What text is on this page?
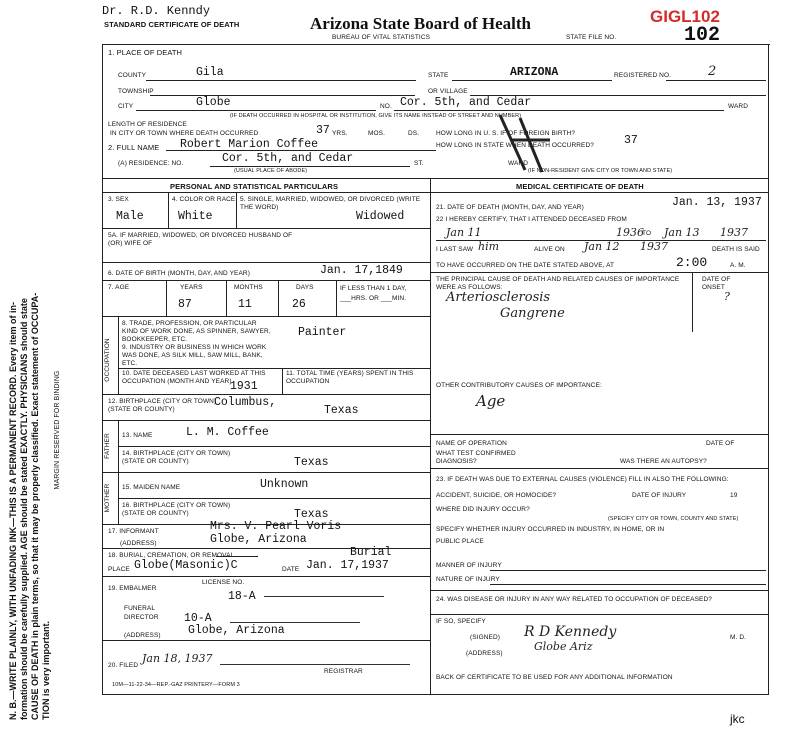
N. B.—WRITE PLAINLY, WITH UNFADING INK—THIS IS A PERMANENT RECORD. Every item of in- formation should be carefully supplied. AGE should be stated EXACTLY. PHYSICIANS should state CAUSE OF DEATH in plain terms, so that it may be properly classified. Exact statement of OCCUPA- TION is very important.
MARGIN RESERVED FOR BINDING
Dr. R.D. Kenndy
STANDARD CERTIFICATE OF DEATH	Arizona State Board of Health
BUREAU OF VITAL STATISTICS	STATE FILE NO.
GIGL102
102
1. PLACE OF DEATH
COUNTY	Gila	STATE	ARIZONA	REGISTERED NO.	2
TOWNSHIP	OR VILLAGE
CITY	Globe	NO. Cor. 5th, and Cedar	WARD
(IF DEATH OCCURRED IN HOSPITAL OR INSTITUTION, GIVE ITS NAME INSTEAD OF STREET AND NUMBER)
LENGTH OF RESIDENCE
IN CITY OR TOWN WHERE DEATH OCCURRED	37 YRS.	MOS.	DS.	HOW LONG IN U. S. IF OF FOREIGN BIRTH?
HOW LONG IN STATE WHEN DEATH OCCURRED?	37
2. FULL NAME Robert Marion Coffee
(A) RESIDENCE: NO.	Cor. 5th, and Cedar	ST.	WARD
(USUAL PLACE OF ABODE)	(IF NON-RESIDENT GIVE CITY OR TOWN AND STATE)
PERSONAL AND STATISTICAL PARTICULARS	MEDICAL CERTIFICATE OF DEATH
3. SEX
Male
4. COLOR OR RACE
White
5. SINGLE, MARRIED, WIDOWED, OR DIVORCED (WRITE THE WORD)
Widowed
5A. IF MARRIED, WIDOWED, OR DIVORCED HUSBAND OF (OR) WIFE OF
6. DATE OF BIRTH (MONTH, DAY, AND YEAR)	Jan. 17,1849
7. AGE	YEARS	MONTHS	DAYS
87	11	26
IF LESS THAN 1 DAY, ___HRS. OR ___MIN.
OCCUPATION
8. TRADE, PROFESSION, OR PARTICULAR KIND OF WORK DONE, AS SPINNER, SAWYER, BOOKKEEPER, ETC.
Painter
9. INDUSTRY OR BUSINESS IN WHICH WORK WAS DONE, AS SILK MILL, SAW MILL, BANK, ETC.
10. DATE DECEASED LAST WORKED AT THIS OCCUPATION (MONTH AND YEAR)
1931
11. TOTAL TIME (YEARS) SPENT IN THIS OCCUPATION
12. BIRTHPLACE (CITY OR TOWN) (STATE OR COUNTY)
Columbus,
Texas
FATHER 13. NAME	L. M. Coffee
14. BIRTHPLACE (CITY OR TOWN) (STATE OR COUNTY)	Texas
MOTHER 15. MAIDEN NAME	Unknown
16. BIRTHPLACE (CITY OR TOWN) (STATE OR COUNTY)	Texas
17. INFORMANT	Mrs. V. Pearl Voris
(ADDRESS)	Globe, Arizona
18. BURIAL, CREMATION, OR REMOVAL	Burial
PLACE Globe(Masonic)C	DATE Jan. 17,1937
19. EMBALMER
LICENSE NO.
18-A
FUNERAL DIRECTOR	10-A
(ADDRESS) Globe, Arizona
20. FILED
Jan 18, 1937
REGISTRAR
21. DATE OF DEATH (MONTH, DAY, AND YEAR)	Jan. 13, 1937
22 I HEREBY CERTIFY, THAT I ATTENDED DECEASED FROM
Jan 11	1936
TO Jan 13 1937
I LAST SAW him	ALIVE ON Jan 12 1937	DEATH IS SAID
TO HAVE OCCURRED ON THE DATE STATED ABOVE, AT	2:00	A. M.
THE PRINCIPAL CAUSE OF DEATH AND RELATED CAUSES OF IMPORTANCE WERE AS FOLLOWS:
DATE OF ONSET
Arteriosclerosis
Gangrene
?
OTHER CONTRIBUTORY CAUSES OF IMPORTANCE:
Age
NAME OF OPERATION	DATE OF
WHAT TEST CONFIRMED DIAGNOSIS?	WAS THERE AN AUTOPSY?
23. IF DEATH WAS DUE TO EXTERNAL CAUSES (VIOLENCE) FILL IN ALSO THE FOLLOWING:
ACCIDENT, SUICIDE, OR HOMOCIDE?	DATE OF INJURY	19
WHERE DID INJURY OCCUR?
(SPECIFY CITY OR TOWN, COUNTY AND STATE)
SPECIFY WHETHER INJURY OCCURRED IN INDUSTRY, IN HOME, OR IN
PUBLIC PLACE
MANNER OF INJURY
NATURE OF INJURY
24. WAS DISEASE OR INJURY IN ANY WAY RELATED TO OCCUPATION OF DECEASED?
IF SO, SPECIFY
(SIGNED) R D Kennedy	M. D.
(ADDRESS)
Globe Ariz
BACK OF CERTIFICATE TO BE USED FOR ANY ADDITIONAL INFORMATION
10M—11-22-34—REP.-GAZ PRINTERY—FORM 3
jkc
